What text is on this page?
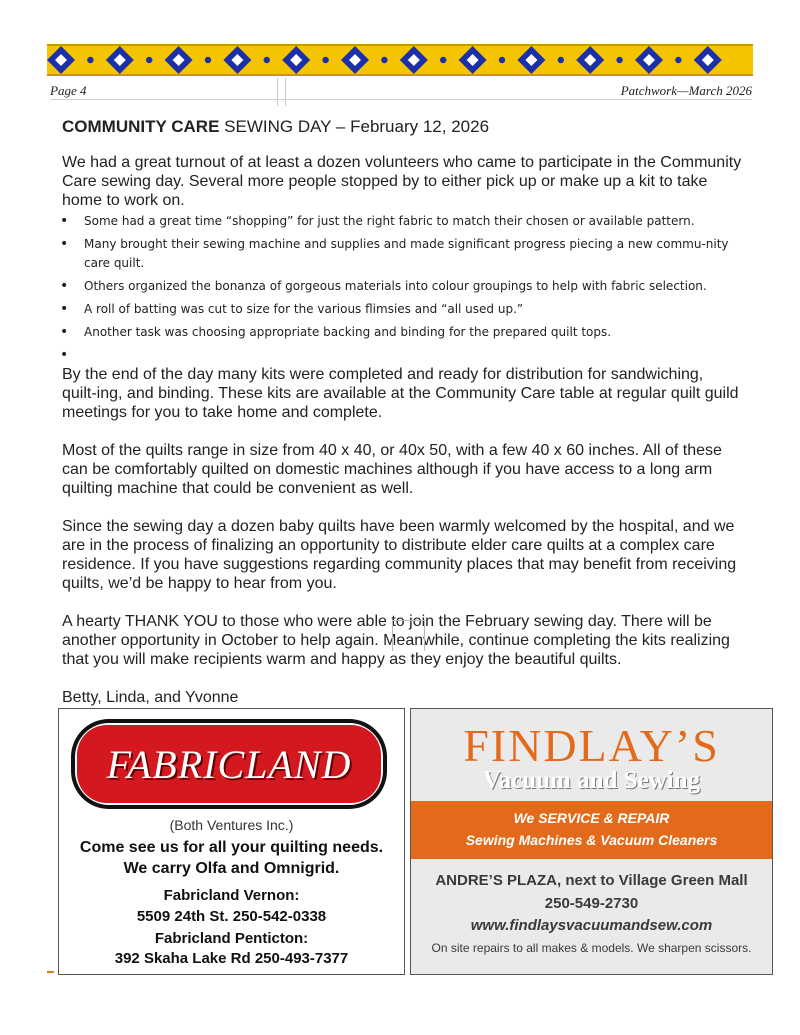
Page 4	Patchwork—March 2026
COMMUNITY CARE SEWING DAY – February 12, 2026

We had a great turnout of at least a dozen volunteers who came to participate in the Community Care sewing day. Several more people stopped by to either pick up or make up a kit to take home to work on.

• Some had a great time “shopping” for just the right fabric to match their chosen or available pattern.
• Many brought their sewing machine and supplies and made significant progress piecing a new commu-nity care quilt.
• Others organized the bonanza of gorgeous materials into colour groupings to help with fabric selection.
• A roll of batting was cut to size for the various flimsies and “all used up.”
• Another task was choosing appropriate backing and binding for the prepared quilt tops.
•

By the end of the day many kits were completed and ready for distribution for sandwiching, quilt-ing, and binding. These kits are available at the Community Care table at regular quilt guild meetings for you to take home and complete.

Most of the quilts range in size from 40 x 40, or 40x 50, with a few 40 x 60 inches. All of these can be comfortably quilted on domestic machines although if you have access to a long arm quilting machine that could be convenient as well.

Since the sewing day a dozen baby quilts have been warmly welcomed by the hospital, and we are in the process of finalizing an opportunity to distribute elder care quilts at a complex care residence. If you have suggestions regarding community places that may benefit from receiving quilts, we’d be happy to hear from you.

A hearty THANK YOU to those who were able to join the February sewing day. There will be another opportunity in October to help again. Meanwhile, continue completing the kits realizing that you will make recipients warm and happy as they enjoy the beautiful quilts.

Betty, Linda, and Yvonne

FABRICLAND
(Both Ventures Inc.)
Come see us for all your quilting needs.
We carry Olfa and Omnigrid.
Fabricland Vernon:
5509 24th St. 250-542-0338
Fabricland Penticton:
392 Skaha Lake Rd 250-493-7377
FINDLAY’S
Vacuum and Sewing
We SERVICE & REPAIR
Sewing Machines & Vacuum Cleaners
ANDRE’S PLAZA, next to Village Green Mall
250-549-2730
www.findlaysvacuumandsew.com
On site repairs to all makes & models. We sharpen scissors.
